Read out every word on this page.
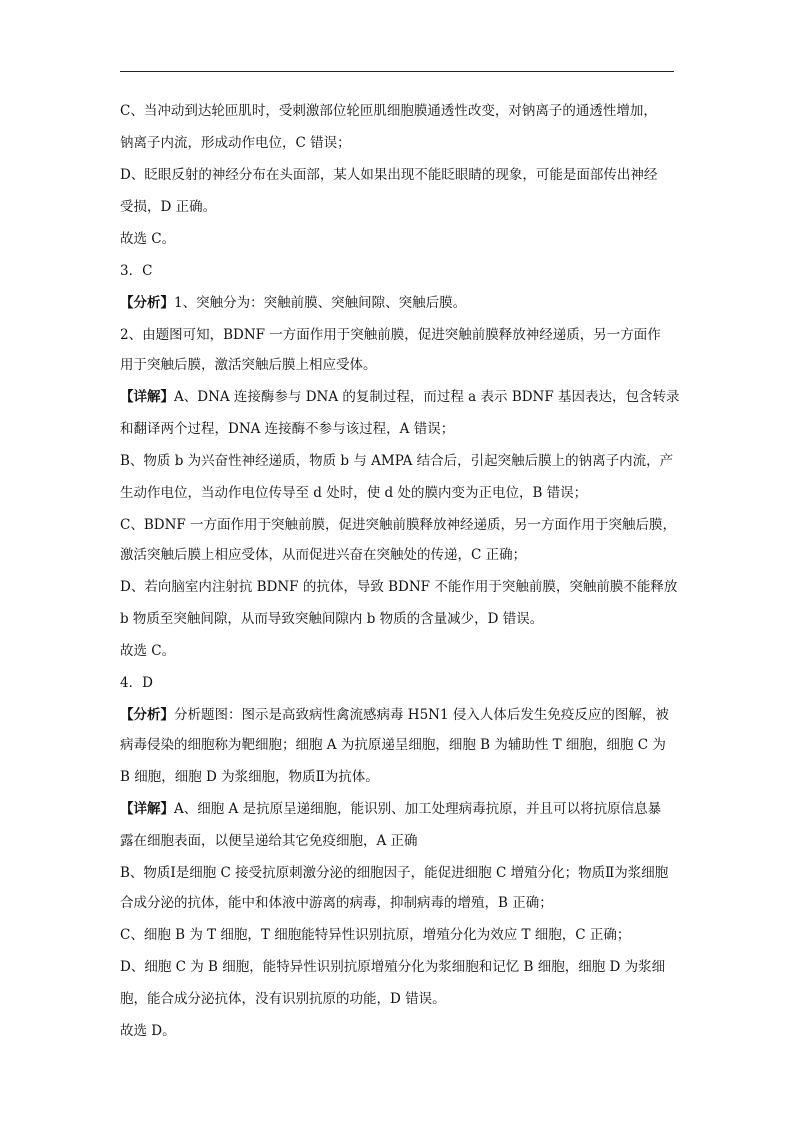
C、当冲动到达轮匝肌时，受刺激部位轮匝肌细胞膜通透性改变，对钠离子的通透性增加，
钠离子内流，形成动作电位，C 错误；
D、眨眼反射的神经分布在头面部，某人如果出现不能眨眼睛的现象，可能是面部传出神经
受损，D 正确。
故选 C。
3．C
【分析】1、突触分为：突触前膜、突触间隙、突触后膜。
2、由题图可知，BDNF 一方面作用于突触前膜，促进突触前膜释放神经递质，另一方面作
用于突触后膜，激活突触后膜上相应受体。
【详解】A、DNA 连接酶参与 DNA 的复制过程，而过程 a 表示 BDNF 基因表达，包含转录
和翻译两个过程，DNA 连接酶不参与该过程，A 错误；
B、物质 b 为兴奋性神经递质，物质 b 与 AMPA 结合后，引起突触后膜上的钠离子内流，产
生动作电位，当动作电位传导至 d 处时，使 d 处的膜内变为正电位，B 错误；
C、BDNF 一方面作用于突触前膜，促进突触前膜释放神经递质，另一方面作用于突触后膜，
激活突触后膜上相应受体，从而促进兴奋在突触处的传递，C 正确；
D、若向脑室内注射抗 BDNF 的抗体，导致 BDNF 不能作用于突触前膜，突触前膜不能释放
b 物质至突触间隙，从而导致突触间隙内 b 物质的含量减少，D 错误。
故选 C。
4．D
【分析】分析题图：图示是高致病性禽流感病毒 H5N1 侵入人体后发生免疫反应的图解，被
病毒侵染的细胞称为靶细胞；细胞 A 为抗原递呈细胞，细胞 B 为辅助性 T 细胞，细胞 C 为
B 细胞，细胞 D 为浆细胞，物质Ⅱ为抗体。
【详解】A、细胞 A 是抗原呈递细胞，能识别、加工处理病毒抗原，并且可以将抗原信息暴
露在细胞表面，以便呈递给其它免疫细胞，A 正确
B、物质Ⅰ是细胞 C 接受抗原刺激分泌的细胞因子，能促进细胞 C 增殖分化；物质Ⅱ为浆细胞
合成分泌的抗体，能中和体液中游离的病毒，抑制病毒的增殖，B 正确；
C、细胞 B 为 T 细胞，T 细胞能特异性识别抗原，增殖分化为效应 T 细胞，C 正确；
D、细胞 C 为 B 细胞，能特异性识别抗原增殖分化为浆细胞和记忆 B 细胞，细胞 D 为浆细
胞，能合成分泌抗体，没有识别抗原的功能，D 错误。
故选 D。
